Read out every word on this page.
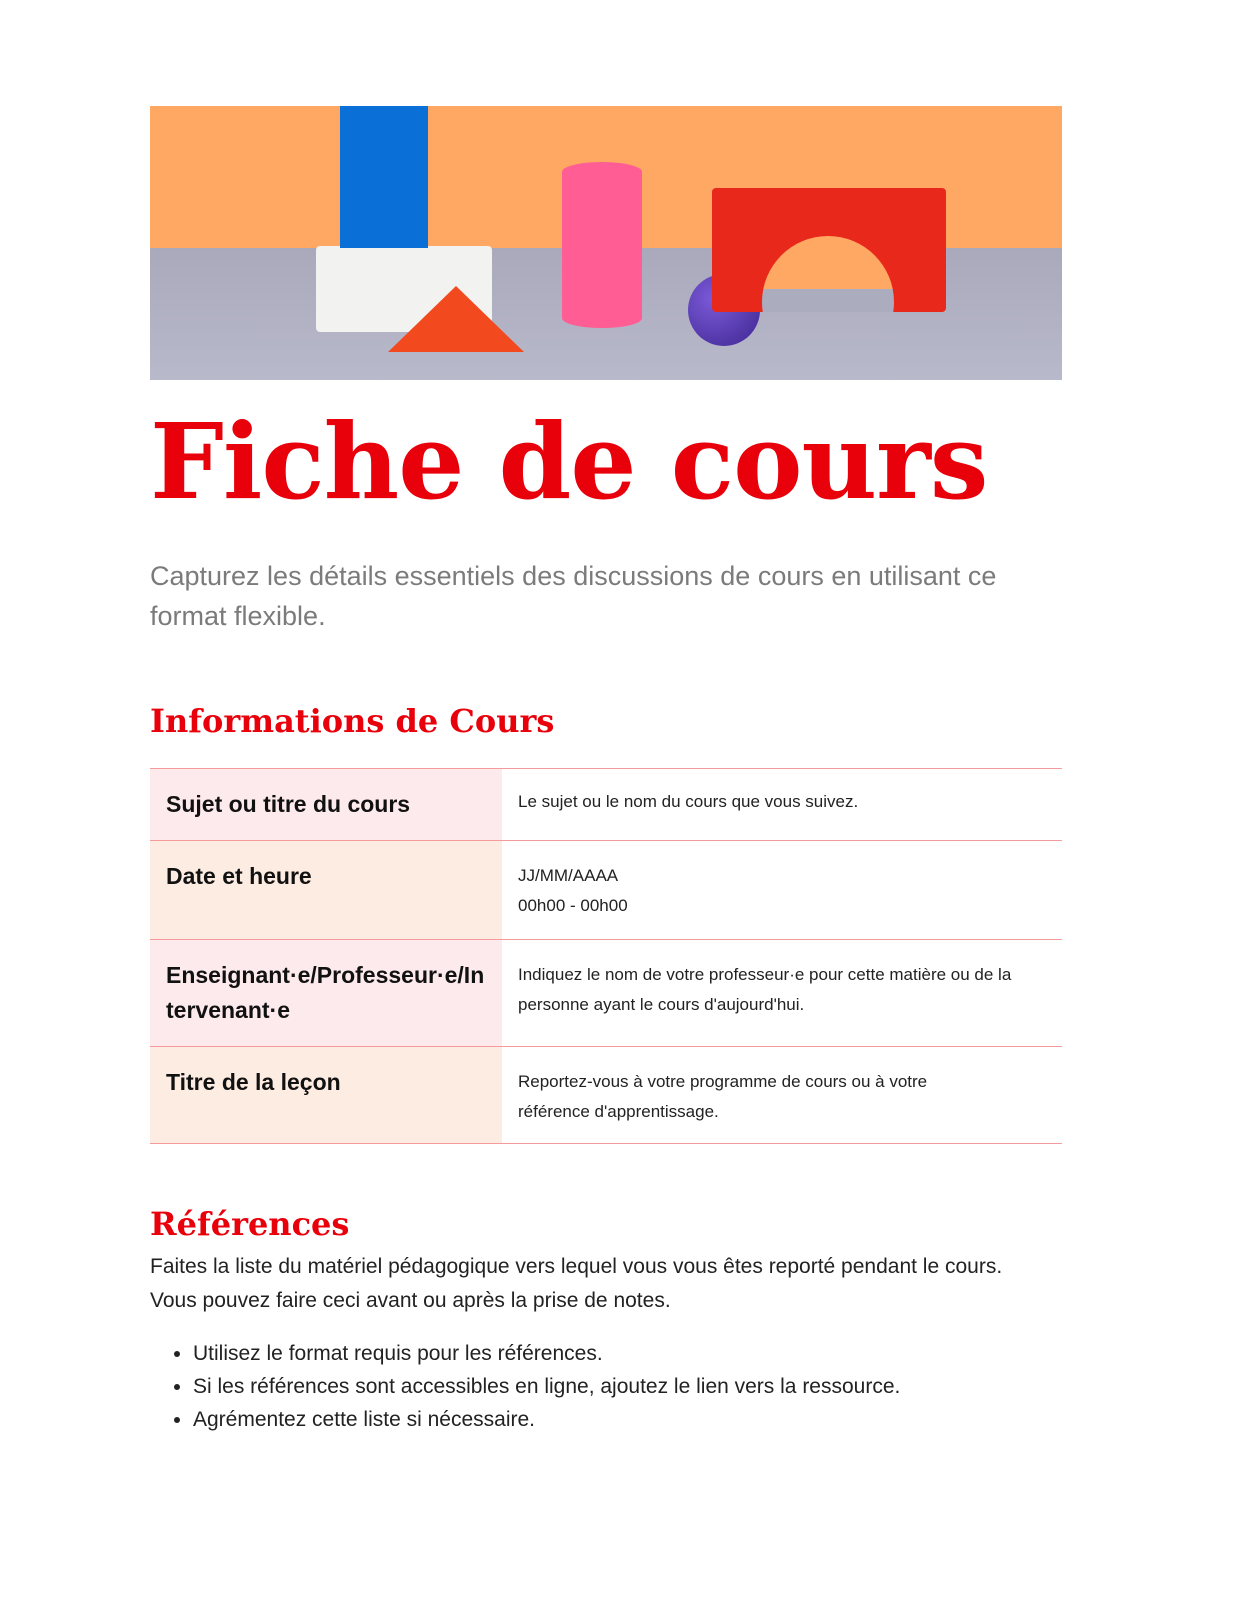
Fiche de cours

Capturez les détails essentiels des discussions de cours en utilisant ce format flexible.

Informations de Cours
Sujet ou titre du cours	Le sujet ou le nom du cours que vous suivez.

Date et heure	JJ/MM/AAAA
00h00 - 00h00

Enseignant·e/Professeur·e/Intervenant·e	Indiquez le nom de votre professeur·e pour cette matière ou de la personne ayant le cours d'aujourd'hui.

Titre de la leçon	Reportez-vous à votre programme de cours ou à votre référence d'apprentissage.
Références

Faites la liste du matériel pédagogique vers lequel vous vous êtes reporté pendant le cours. Vous pouvez faire ceci avant ou après la prise de notes.

• Utilisez le format requis pour les références.
• Si les références sont accessibles en ligne, ajoutez le lien vers la ressource.
• Agrémentez cette liste si nécessaire.
